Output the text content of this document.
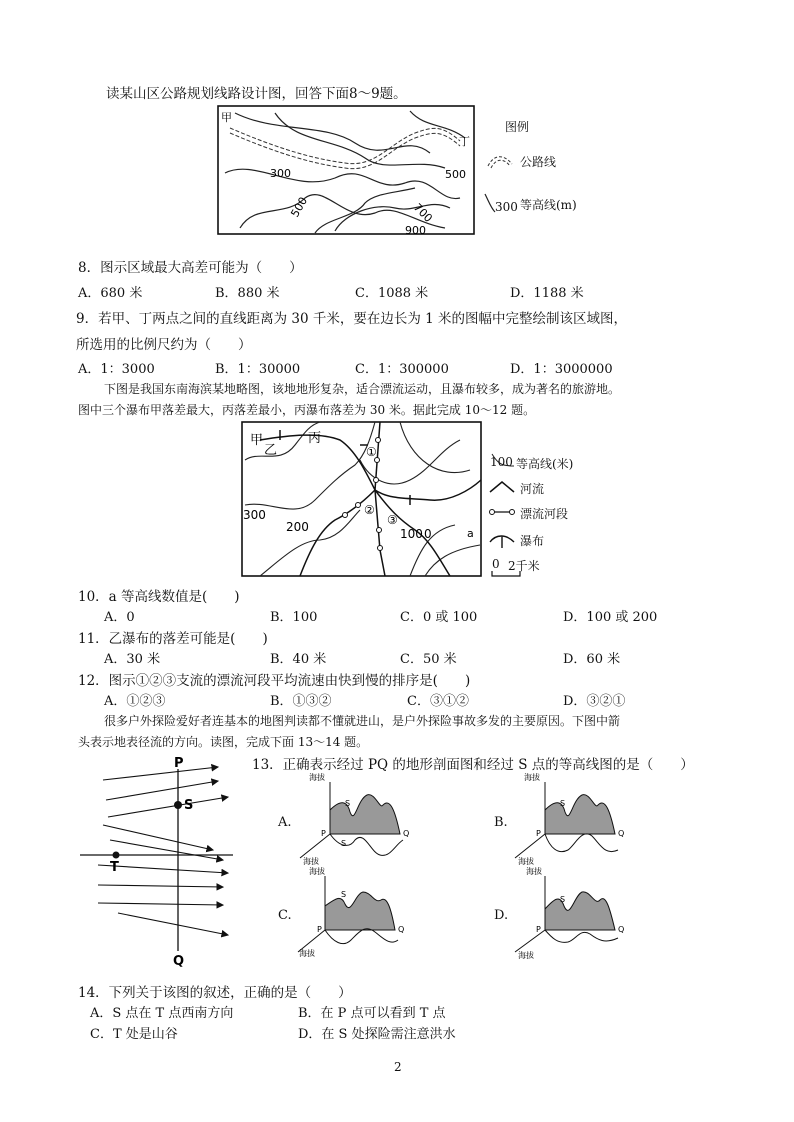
读某山区公路规划线路设计图，回答下面8～9题。
甲
丁
300
500
500
700
900
图例
公路线
300 等高线(m)
8．图示区域最大高差可能为（　　）
A．680 米	B．880 米	C．1088 米	D．1188 米
9．若甲、丁两点之间的直线距离为 30 千米，要在边长为 1 米的图幅中完整绘制该区域图，
所选用的比例尺约为（　　）
A．1：3000	B．1：30000	C．1：300000	D．1：3000000
下图是我国东南海滨某地略图，该地地形复杂，适合漂流运动，且瀑布较多，成为著名的旅游地。
图中三个瀑布甲落差最大，丙落差最小，丙瀑布落差为 30 米。据此完成 10～12 题。
甲
乙
丙
①
②
③
300
200	100 0	a
100 等高线(米)
河流
漂流河段
瀑布
0 2千米
10．a 等高线数值是(　　)
A．0	B．100	C．0 或 100	D．100 或 200
11．乙瀑布的落差可能是(　　)
A．30 米	B．40 米	C．50 米	D．60 米
12．图示①②③支流的漂流河段平均流速由快到慢的排序是(　　)
A．①②③	B．①③②	C．③①②	D．③②①
很多户外探险爱好者连基本的地图判读都不懂就进山，是户外探险事故多发的主要原因。下图中箭
头表示地表径流的方向。读图，完成下面 13～14 题。
P
Q
S
T
13．正确表示经过 PQ 的地形剖面图和经过 S 点的等高线图的是（　　）
A.
海拔
海拔
P	Q
S
S
B.
海拔
海拔
P	Q
S
C.
海拔
海拔
P	Q
S
D.
海拔
海拔
P	Q
S
14．下列关于该图的叙述，正确的是（　　）
A．S 点在 T 点西南方向	B．在 P 点可以看到 T 点
C．T 处是山谷	D．在 S 处探险需注意洪水
2
